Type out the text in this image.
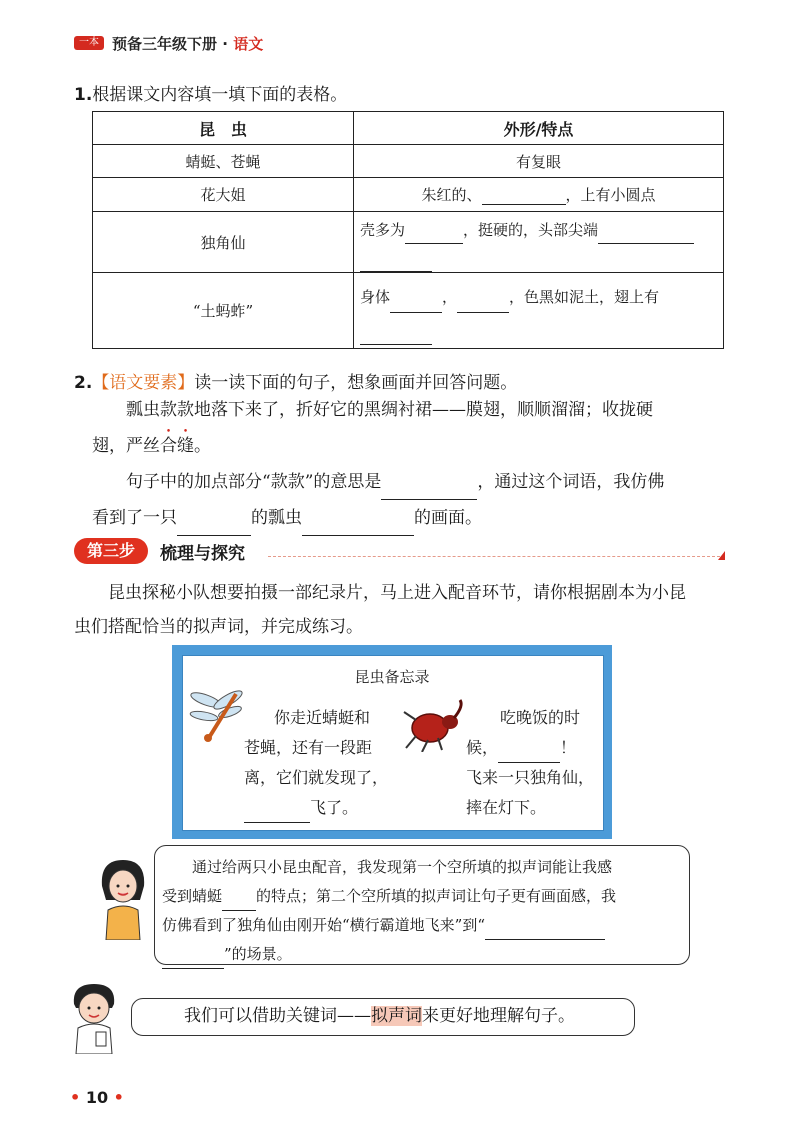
一本 预备三年级下册 · 语文
1.根据课文内容填一填下面的表格。
昆　虫	外形/特点
蜻蜓、苍蝇	有复眼
花大姐	朱红的、 ，上有小圆点
独角仙	壳多为 ，挺硬的，头部尖端

“土蚂蚱”	身体 ， ，色黑如泥土，翅上有

2.【语文要素】读一读下面的句子，想象画面并回答问题。
瓢虫款款地落下来了，折好它的黑绸衬裙——膜翅，顺顺溜溜；收拢硬
翅，严丝合缝。
句子中的加点部分“款款”的意思是	，通过这个词语，我仿佛
看到了一只	的瓢虫	的画面。
第三步	梳理与探究
昆虫探秘小队想要拍摄一部纪录片，马上进入配音环节，请你根据剧本为小昆
虫们搭配恰当的拟声词，并完成练习。
昆虫备忘录
你走近蜻蜓和
苍蝇，还有一段距
离，它们就发现了，
飞了。
吃晚饭的时
候，	！
飞来一只独角仙，
摔在灯下。
通过给两只小昆虫配音，我发现第一个空所填的拟声词能让我感
受到蜻蜓 的特点；第二个空所填的拟声词让句子更有画面感，我
仿佛看到了独角仙由刚开始“横行霸道地飞来”到“
”的场景。
我们可以借助关键词——拟声词来更好地理解句子。
• 10 •
